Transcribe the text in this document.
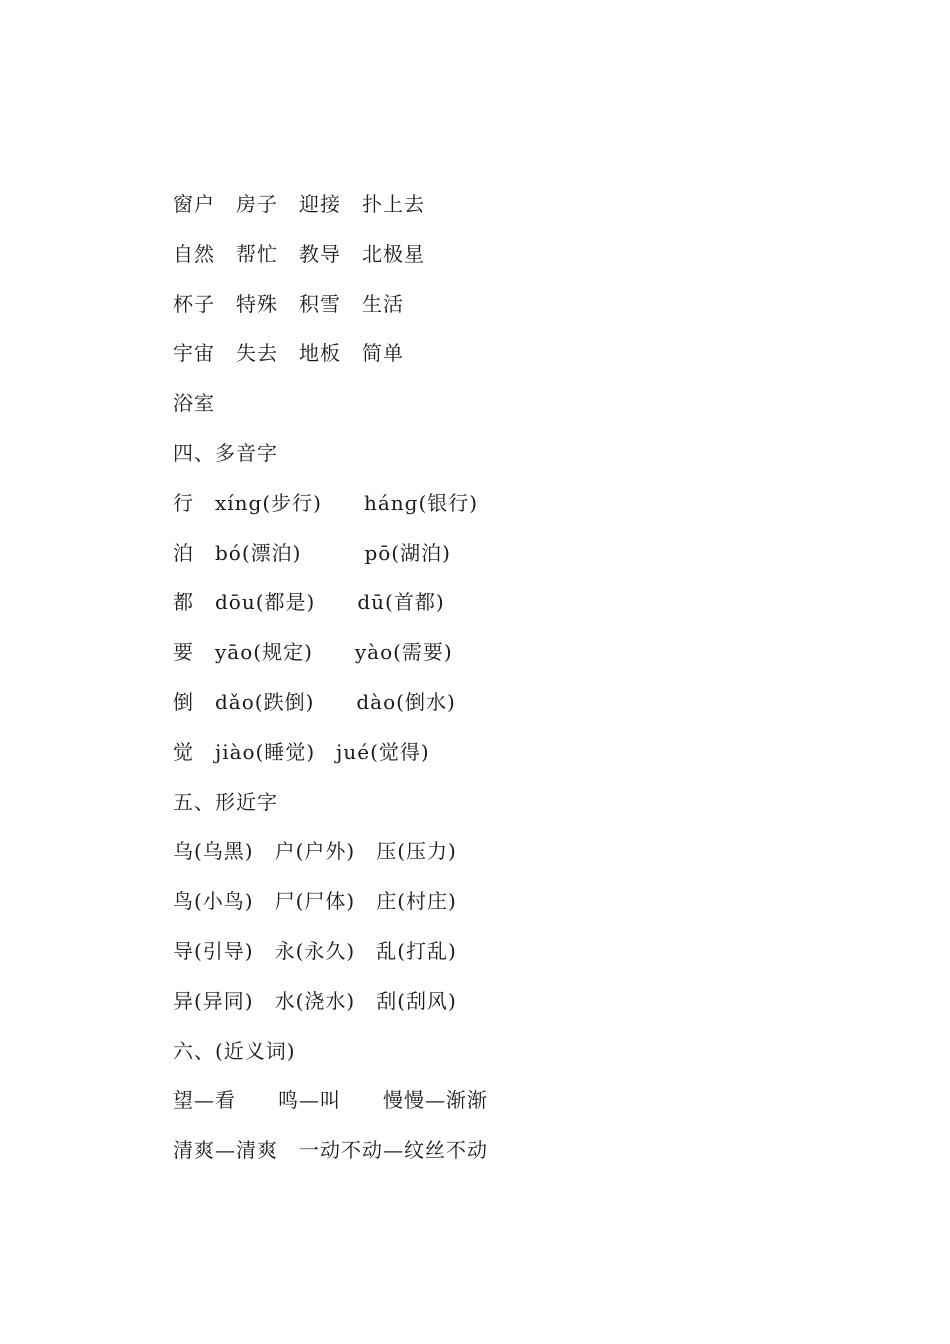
窗户　房子　迎接　扑上去
自然　帮忙　教导　北极星
杯子　特殊　积雪　生活
宇宙　失去　地板　简单
浴室
四、多音字
行　xíng(步行)　　hánɡ(银行)
泊　bó(漂泊)　　　pō(湖泊)
都　dōu(都是)　　dū(首都)
要　yāo(规定)　　yào(需要)
倒　dǎo(跌倒)　　dào(倒水)
觉　jiào(睡觉)　jué(觉得)
五、形近字
乌(乌黑)　户(户外)　压(压力)
鸟(小鸟)　尸(尸体)　庄(村庄)
导(引导)　永(永久)　乱(打乱)
异(异同)　水(浇水)　刮(刮风)
六、(近义词)
望—看　　鸣—叫　　慢慢—渐渐
清爽—清爽　一动不动—纹丝不动
